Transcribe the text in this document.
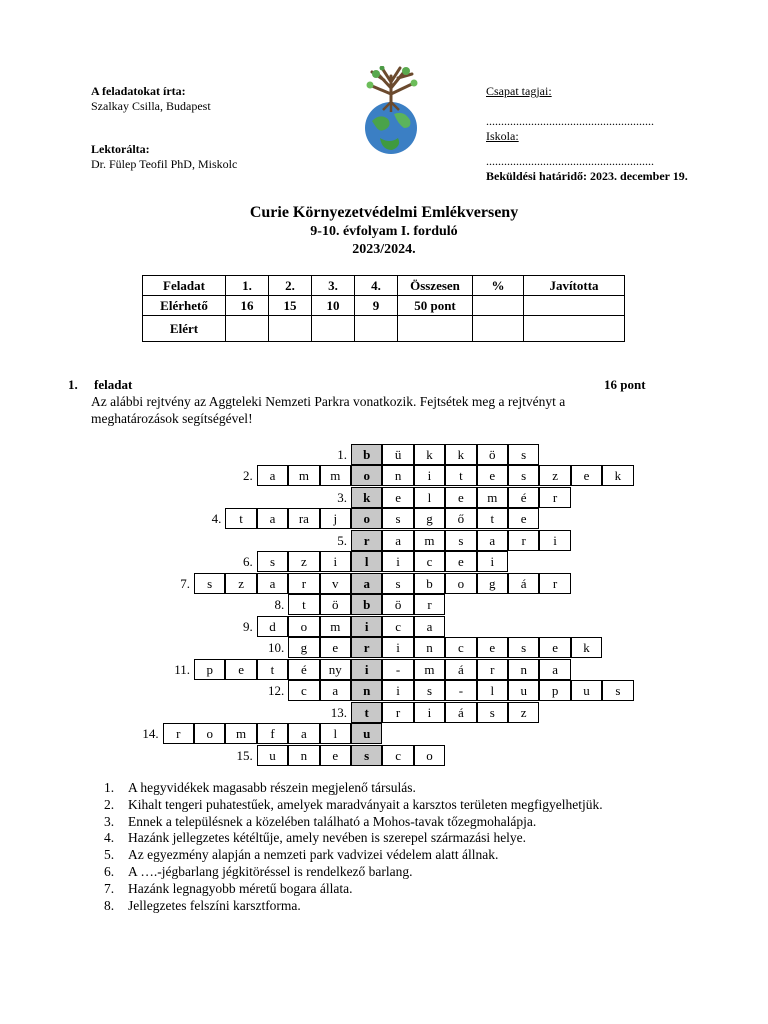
A feladatokat írta:
Szalkay Csilla, Budapest
Lektorálta:
Dr. Fülep Teofil PhD, Miskolc
Csapat tagjai:
........................................................
Iskola:
........................................................
Beküldési határidő: 2023. december 19.
Curie Környezetvédelmi Emlékverseny
9-10. évfolyam I. forduló
2023/2024.
Feladat	1.	2.	3.	4.	Összesen	%	Javította
Elérhető	16	15	10	9	50 pont		
Elért							
1. feladat	16 pont
Az alábbi rejtvény az Aggteleki Nemzeti Parkra vonatkozik. Fejtsétek meg a rejtvényt a meghatározások segítségével!
1.	b	ü	k	k	ö	s
2.	a	m	m	o	n	i	t	e	s	z	e	k
3.	k	e	l	e	m	é	r
4.	t	a	ra	j	o	s	g	ő	t	e
5.	r	a	m	s	a	r	i
6.	s	z	i	l	i	c	e	i
7.	s	z	a	r	v	a	s	b	o	g	á	r
8.	t	ö	b	ö	r
9.	d	o	m	i	c	a
10.	g	e	r	i	n	c	e	s	e	k
11.	p	e	t	é	ny	i	-	m	á	r	n	a
12.	c	a	n	i	s	-	l	u	p	u	s
13.	t	r	i	á	s	z
14.	r	o	m	f	a	l	u
15.	u	n	e	s	c	o
1.	A hegyvidékek magasabb részein megjelenő társulás.
2.	Kihalt tengeri puhatestűek, amelyek maradványait a karsztos területen megfigyelhetjük.
3.	Ennek a településnek a közelében található a Mohos-tavak tőzegmohalápja.
4.	Hazánk jellegzetes kétéltűje, amely nevében is szerepel származási helye.
5.	Az egyezmény alapján a nemzeti park vadvizei védelem alatt állnak.
6.	A ….-jégbarlang jégkitöréssel is rendelkező barlang.
7.	Hazánk legnagyobb méretű bogara állata.
8.	Jellegzetes felszíni karsztforma.
